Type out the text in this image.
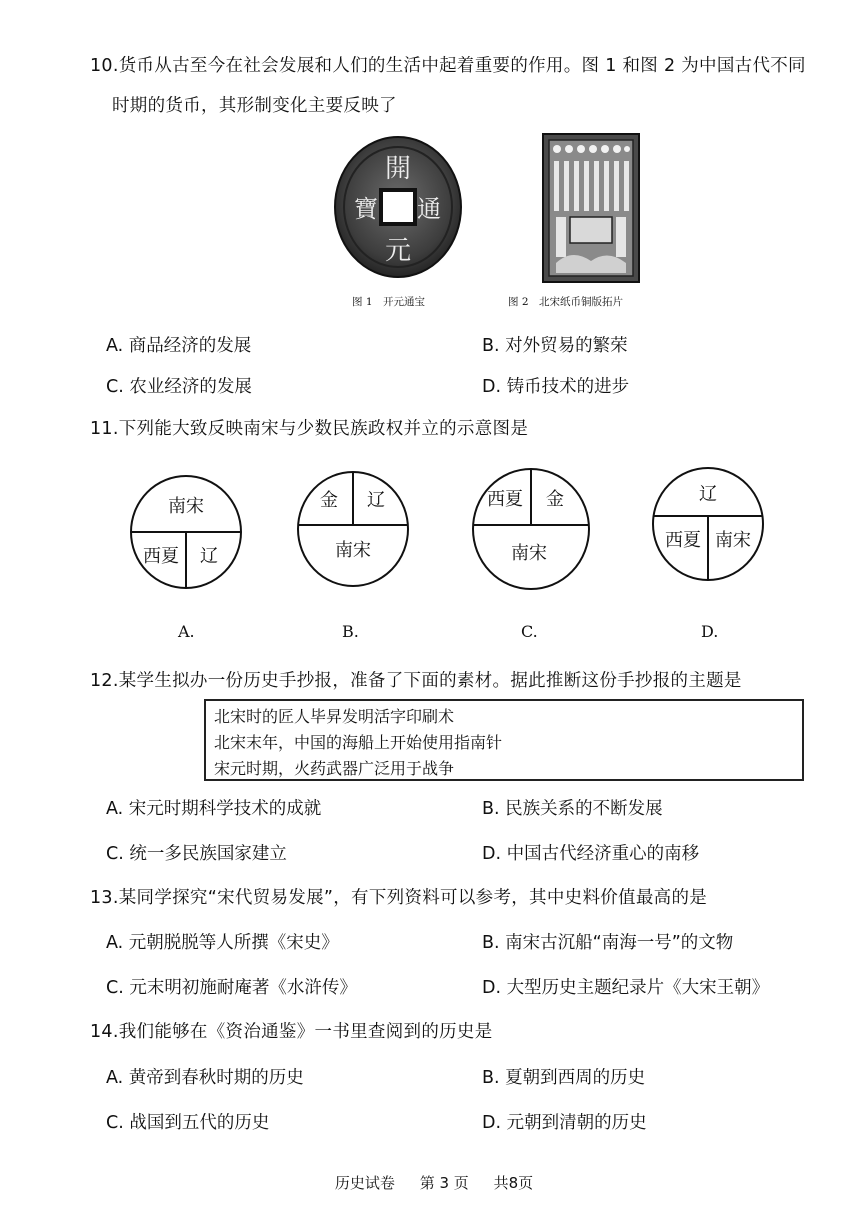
10.货币从古至今在社会发展和人们的生活中起着重要的作用。图 1 和图 2 为中国古代不同
时期的货币，其形制变化主要反映了
開
通
元
寶
图 1　开元通宝	图 2　北宋纸币铜版拓片
A. 商品经济的发展	B. 对外贸易的繁荣
C. 农业经济的发展	D. 铸币技术的进步
11.下列能大致反映南宋与少数民族政权并立的示意图是
南宋
西夏 辽
A.
金 辽
南宋
B.
西夏 金
南宋
C.
辽
西夏 南宋
D.
12.某学生拟办一份历史手抄报，准备了下面的素材。据此推断这份手抄报的主题是
北宋时的匠人毕昇发明活字印刷术
北宋末年，中国的海船上开始使用指南针
宋元时期，火药武器广泛用于战争
A. 宋元时期科学技术的成就	B. 民族关系的不断发展
C. 统一多民族国家建立	D. 中国古代经济重心的南移
13.某同学探究“宋代贸易发展”，有下列资料可以参考，其中史料价值最高的是
A. 元朝脱脱等人所撰《宋史》	B. 南宋古沉船“南海一号”的文物
C. 元末明初施耐庵著《水浒传》	D. 大型历史主题纪录片《大宋王朝》
14.我们能够在《资治通鉴》一书里查阅到的历史是
A. 黄帝到春秋时期的历史	B. 夏朝到西周的历史
C. 战国到五代的历史	D. 元朝到清朝的历史
历史试卷 第 3 页 共8页
